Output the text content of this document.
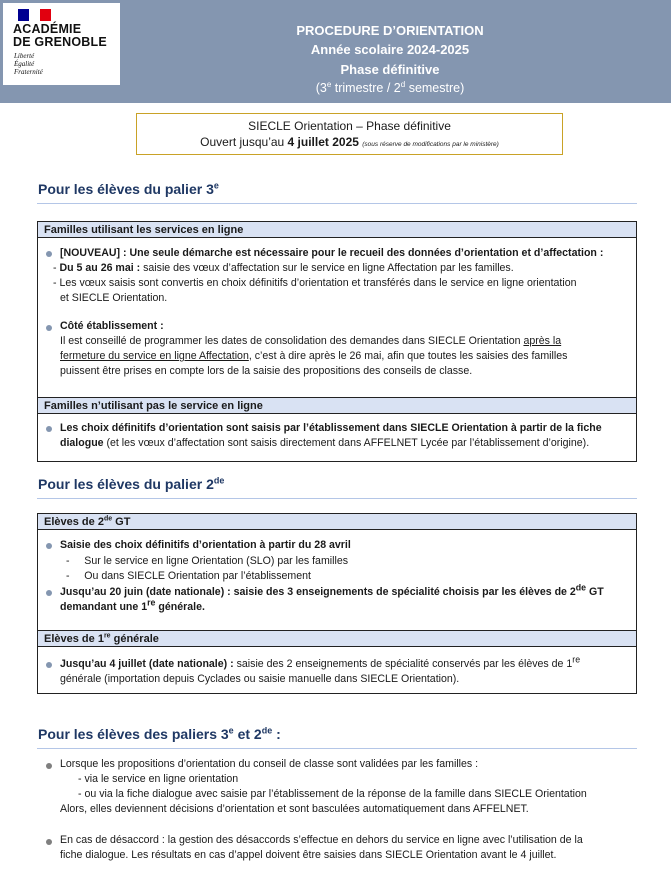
ACADÉMIE
DE GRENOBLE
Liberté
Égalité
Fraternité
PROCEDURE D’ORIENTATION
Année scolaire 2024-2025
Phase définitive
(3e trimestre / 2$^d$ semestre)
SIECLE Orientation – Phase définitive
Ouvert jusqu’au 4 juillet 2025 (sous réserve de modifications par le ministère)
Pour les élèves du palier 3e
Familles utilisant les services en ligne
[NOUVEAU] : Une seule démarche est nécessaire pour le recueil des données d’orientation et d’affectation :
- Du 5 au 26 mai : saisie des vœux d’affectation sur le service en ligne Affectation par les familles.
- Les vœux saisis sont convertis en choix définitifs d’orientation et transférés dans le service en ligne orientation
et SIECLE Orientation.
Côté établissement :
Il est conseillé de programmer les dates de consolidation des demandes dans SIECLE Orientation après la
fermeture du service en ligne Affectation, c’est à dire après le 26 mai, afin que toutes les saisies des familles
puissent être prises en compte lors de la saisie des propositions des conseils de classe.
Familles n’utilisant pas le service en ligne
Les choix définitifs d’orientation sont saisis par l’établissement dans SIECLE Orientation à partir de la fiche
dialogue (et les vœux d’affectation sont saisis directement dans AFFELNET Lycée par l’établissement d’origine).
Pour les élèves du palier 2de
Elèves de 2de GT
Saisie des choix définitifs d’orientation à partir du 28 avril
-     Sur le service en ligne Orientation (SLO) par les familles
-     Ou dans SIECLE Orientation par l’établissement
Jusqu’au 20 juin (date nationale) : saisie des 3 enseignements de spécialité choisis par les élèves de 2de GT
demandant une 1re générale.
Elèves de 1re générale
Jusqu’au 4 juillet (date nationale) : saisie des 2 enseignements de spécialité conservés par les élèves de 1re
générale (importation depuis Cyclades ou saisie manuelle dans SIECLE Orientation).
Pour les élèves des paliers 3e et 2de :
Lorsque les propositions d’orientation du conseil de classe sont validées par les familles :
- via le service en ligne orientation
- ou via la fiche dialogue avec saisie par l’établissement de la réponse de la famille dans SIECLE Orientation
Alors, elles deviennent décisions d’orientation et sont basculées automatiquement dans AFFELNET.
En cas de désaccord : la gestion des désaccords s’effectue en dehors du service en ligne avec l’utilisation de la
fiche dialogue. Les résultats en cas d’appel doivent être saisies dans SIECLE Orientation avant le 4 juillet.
